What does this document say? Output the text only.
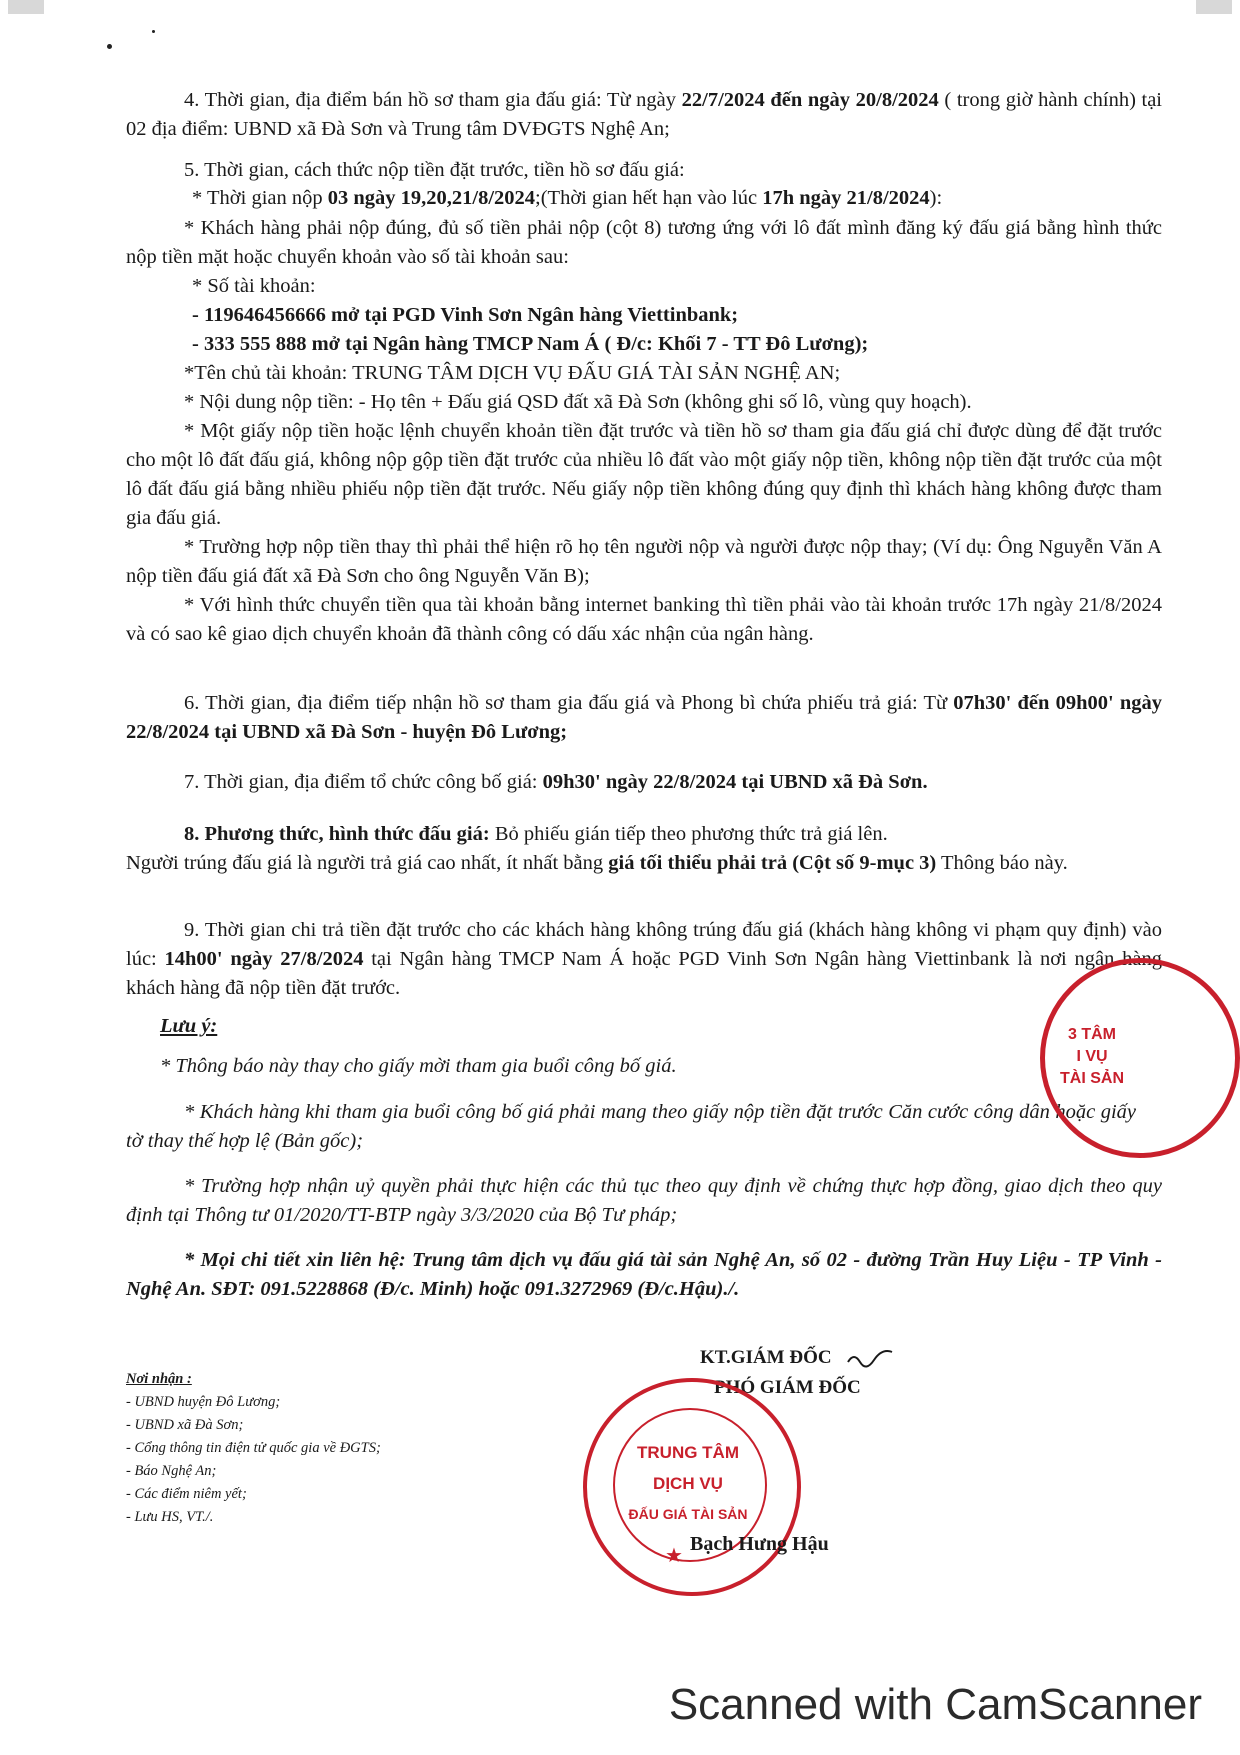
4. Thời gian, địa điểm bán hồ sơ tham gia đấu giá: Từ ngày 22/7/2024 đến ngày 20/8/2024 ( trong giờ hành chính) tại 02 địa điểm: UBND xã Đà Sơn và Trung tâm DVĐGTS Nghệ An;
5. Thời gian, cách thức nộp tiền đặt trước, tiền hồ sơ đấu giá:
* Thời gian nộp 03 ngày 19,20,21/8/2024;(Thời gian hết hạn vào lúc 17h ngày 21/8/2024):
* Khách hàng phải nộp đúng, đủ số tiền phải nộp (cột 8) tương ứng với lô đất mình đăng ký đấu giá bằng hình thức nộp tiền mặt hoặc chuyển khoản vào số tài khoản sau:
* Số tài khoản:
- 119646456666 mở tại PGD Vinh Sơn Ngân hàng Viettinbank;
- 333 555 888 mở tại Ngân hàng TMCP Nam Á ( Đ/c: Khối 7 - TT Đô Lương);
*Tên chủ tài khoản: TRUNG TÂM DỊCH VỤ ĐẤU GIÁ TÀI SẢN NGHỆ AN;
* Nội dung nộp tiền: - Họ tên + Đấu giá QSD đất xã Đà Sơn (không ghi số lô, vùng quy hoạch).
* Một giấy nộp tiền hoặc lệnh chuyển khoản tiền đặt trước và tiền hồ sơ tham gia đấu giá chỉ được dùng để đặt trước cho một lô đất đấu giá, không nộp gộp tiền đặt trước của nhiều lô đất vào một giấy nộp tiền, không nộp tiền đặt trước của một lô đất đấu giá bằng nhiều phiếu nộp tiền đặt trước. Nếu giấy nộp tiền không đúng quy định thì khách hàng không được tham gia đấu giá.
* Trường hợp nộp tiền thay thì phải thể hiện rõ họ tên người nộp và người được nộp thay; (Ví dụ: Ông Nguyễn Văn A nộp tiền đấu giá đất xã Đà Sơn cho ông Nguyễn Văn B);
* Với hình thức chuyển tiền qua tài khoản bằng internet banking thì tiền phải vào tài khoản trước 17h ngày 21/8/2024 và có sao kê giao dịch chuyển khoản đã thành công có dấu xác nhận của ngân hàng.
6. Thời gian, địa điểm tiếp nhận hồ sơ tham gia đấu giá và Phong bì chứa phiếu trả giá: Từ 07h30' đến 09h00' ngày 22/8/2024 tại UBND xã Đà Sơn - huyện Đô Lương;
7. Thời gian, địa điểm tổ chức công bố giá: 09h30' ngày 22/8/2024 tại UBND xã Đà Sơn.
8. Phương thức, hình thức đấu giá: Bỏ phiếu gián tiếp theo phương thức trả giá lên.
Người trúng đấu giá là người trả giá cao nhất, ít nhất bằng giá tối thiểu phải trả (Cột số 9-mục 3) Thông báo này.
9. Thời gian chi trả tiền đặt trước cho các khách hàng không trúng đấu giá (khách hàng không vi phạm quy định) vào lúc: 14h00' ngày 27/8/2024 tại Ngân hàng TMCP Nam Á hoặc PGD Vinh Sơn Ngân hàng Viettinbank là nơi ngân hàng khách hàng đã nộp tiền đặt trước.
Lưu ý:
* Thông báo này thay cho giấy mời tham gia buổi công bố giá.
* Khách hàng khi tham gia buổi công bố giá phải mang theo giấy nộp tiền đặt trước Căn cước công dân hoặc giấy tờ thay thế hợp lệ (Bản gốc);
* Trường hợp nhận uỷ quyền phải thực hiện các thủ tục theo quy định về chứng thực hợp đồng, giao dịch theo quy định tại Thông tư 01/2020/TT-BTP ngày 3/3/2020 của Bộ Tư pháp;
* Mọi chi tiết xin liên hệ: Trung tâm dịch vụ đấu giá tài sản Nghệ An, số 02 - đường Trần Huy Liệu - TP Vinh - Nghệ An. SĐT: 091.5228868 (Đ/c. Minh) hoặc 091.3272969 (Đ/c.Hậu)./.
3 TÂM
I VỤ
TÀI SẢN
Nơi nhận :
- UBND huyện Đô Lương;
- UBND xã Đà Sơn;
- Cổng thông tin điện tử quốc gia về ĐGTS;
- Báo Nghệ An;
- Các điểm niêm yết;
- Lưu HS, VT./.
KT.GIÁM ĐỐC
PHÓ GIÁM ĐỐC
TRUNG TÂM
DỊCH VỤ
ĐẤU GIÁ TÀI SẢN
★
Bạch Hưng Hậu
Scanned with CamScanner
